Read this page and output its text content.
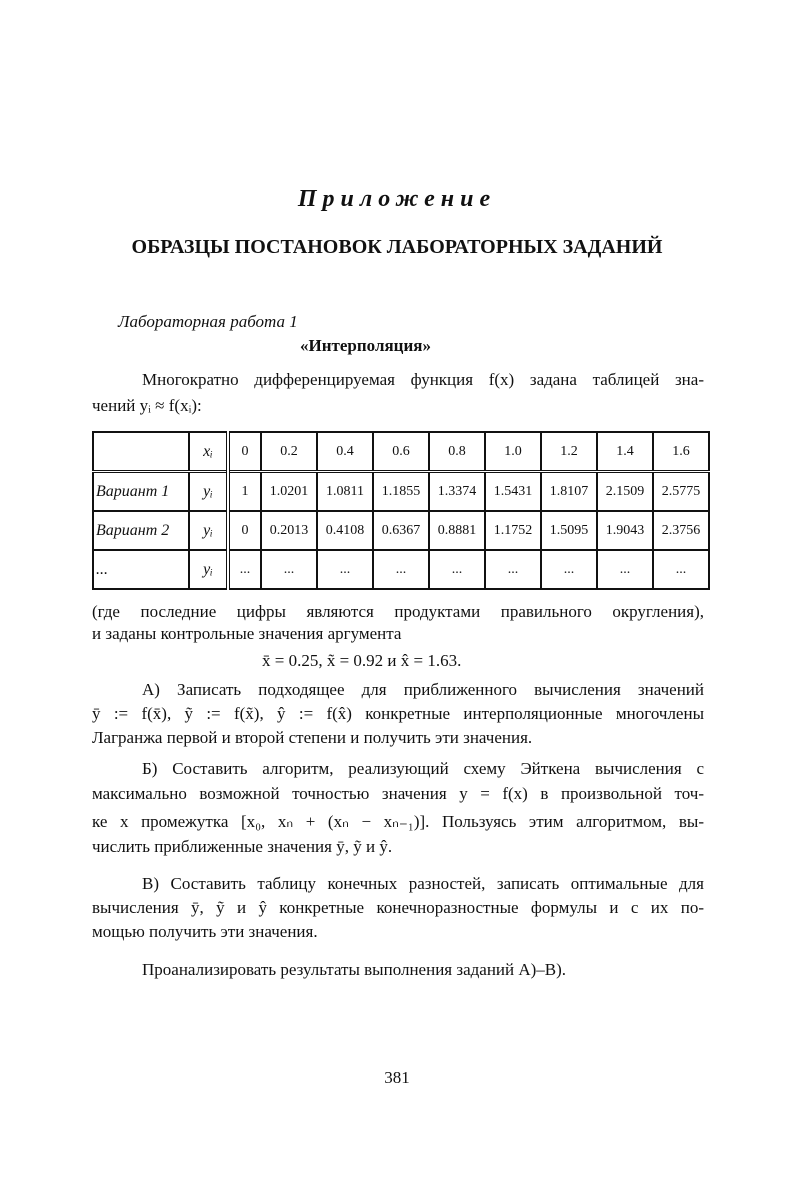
Приложение
ОБРАЗЦЫ ПОСТАНОВОК ЛАБОРАТОРНЫХ ЗАДАНИЙ
Лабораторная работа 1
«Интерполяция»
Многократно дифференцируемая функция f(x) задана таблицей зна-
чений yᵢ ≈ f(xᵢ):
	xᵢ	0	0.2	0.4	0.6	0.8	1.0	1.2	1.4	1.6
Вариант 1	yᵢ	1	1.0201	1.0811	1.1855	1.3374	1.5431	1.8107	2.1509	2.5775
Вариант 2	yᵢ	0	0.2013	0.4108	0.6367	0.8881	1.1752	1.5095	1.9043	2.3756
...	yᵢ	...	...	...	...	...	...	...	...	...
(где последние цифры являются продуктами правильного округления),
и заданы контрольные значения аргумента
x̄ = 0.25, x̃ = 0.92 и x̂ = 1.63.
А) Записать подходящее для приближенного вычисления значений
ȳ := f(x̄), ỹ := f(x̃), ŷ := f(x̂) конкретные интерполяционные многочлены
Лагранжа первой и второй степени и получить эти значения.
Б) Составить алгоритм, реализующий схему Эйткена вычисления с
максимально возможной точностью значения y = f(x) в произвольной точ-
ке x промежутка [x₀, xₙ + (xₙ − xₙ₋₁)]. Пользуясь этим алгоритмом, вы-
числить приближенные значения ȳ, ỹ и ŷ.
В) Составить таблицу конечных разностей, записать оптимальные для
вычисления ȳ, ỹ и ŷ конкретные конечноразностные формулы и с их по-
мощью получить эти значения.
Проанализировать результаты выполнения заданий А)–В).
381
